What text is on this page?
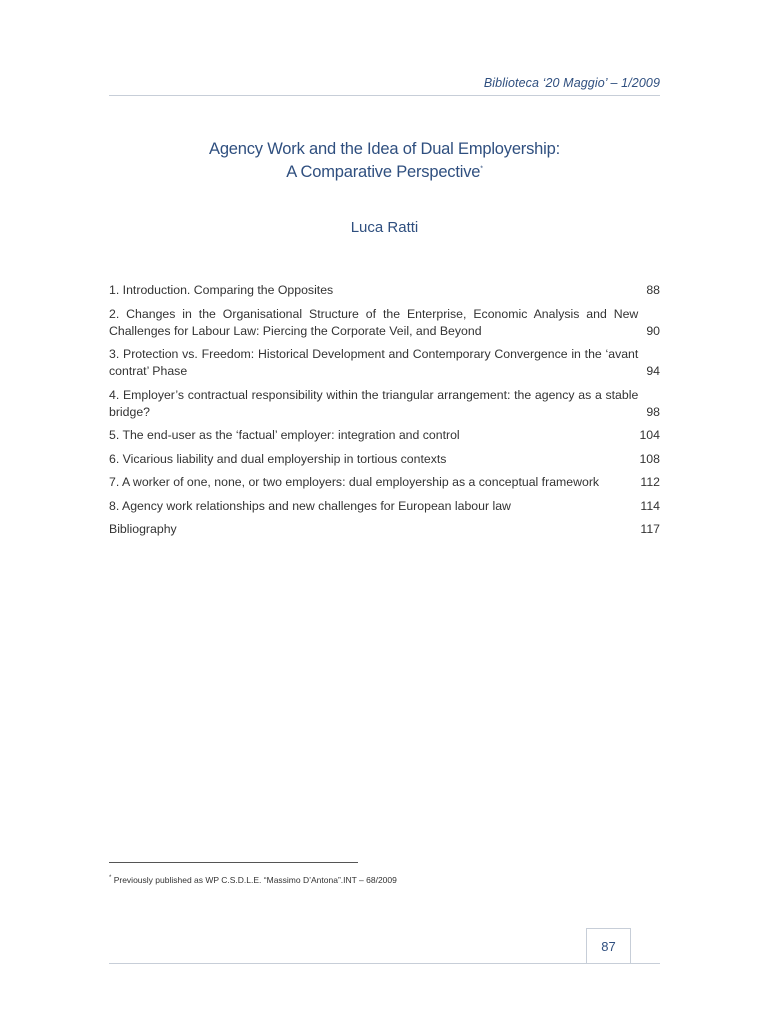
Biblioteca ‘20 Maggio’ – 1/2009
Agency Work and the Idea of Dual Employership:
A Comparative Perspective*
Luca Ratti
1. Introduction. Comparing the Opposites	88
2. Changes in the Organisational Structure of the Enterprise, Economic Analysis and New Challenges for Labour Law: Piercing the Corporate Veil, and Beyond	90
3. Protection vs. Freedom: Historical Development and Contemporary Convergence in the ‘avant contrat’ Phase	94
4. Employer’s contractual responsibility within the triangular arrangement: the agency as a stable bridge?	98
5. The end-user as the ‘factual’ employer: integration and control	104
6. Vicarious liability and dual employership in tortious contexts	108
7. A worker of one, none, or two employers: dual employership as a conceptual framework	112
8. Agency work relationships and new challenges for European labour law	114
Bibliography	117
* Previously published as WP C.S.D.L.E. “Massimo D’Antona”.INT – 68/2009
87
